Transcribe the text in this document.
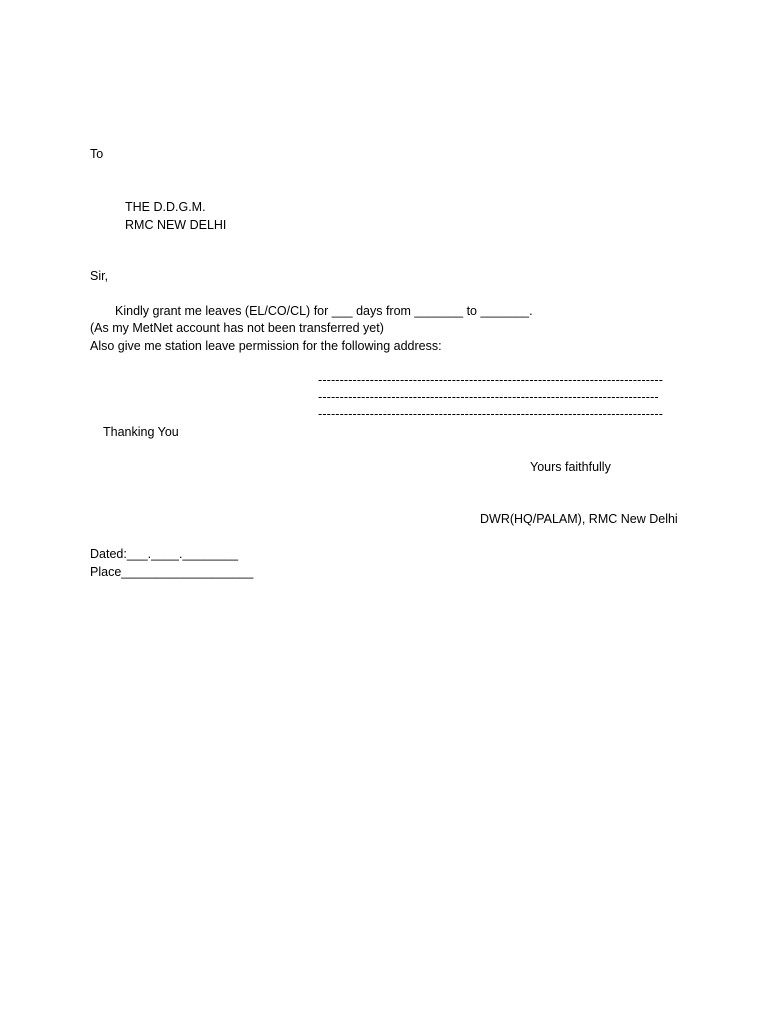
To
THE D.D.G.M.
RMC NEW DELHI
Sir,
Kindly grant me leaves (EL/CO/CL) for ___ days from _______ to _______.
(As my MetNet account has not been transferred yet)
Also give me station leave permission for the following address:
--------------------------------------------------------------------------------
-------------------------------------------------------------------------------
--------------------------------------------------------------------------------
Thanking You
Yours faithfully
DWR(HQ/PALAM), RMC New Delhi
Dated:___.____.________
Place___________________
